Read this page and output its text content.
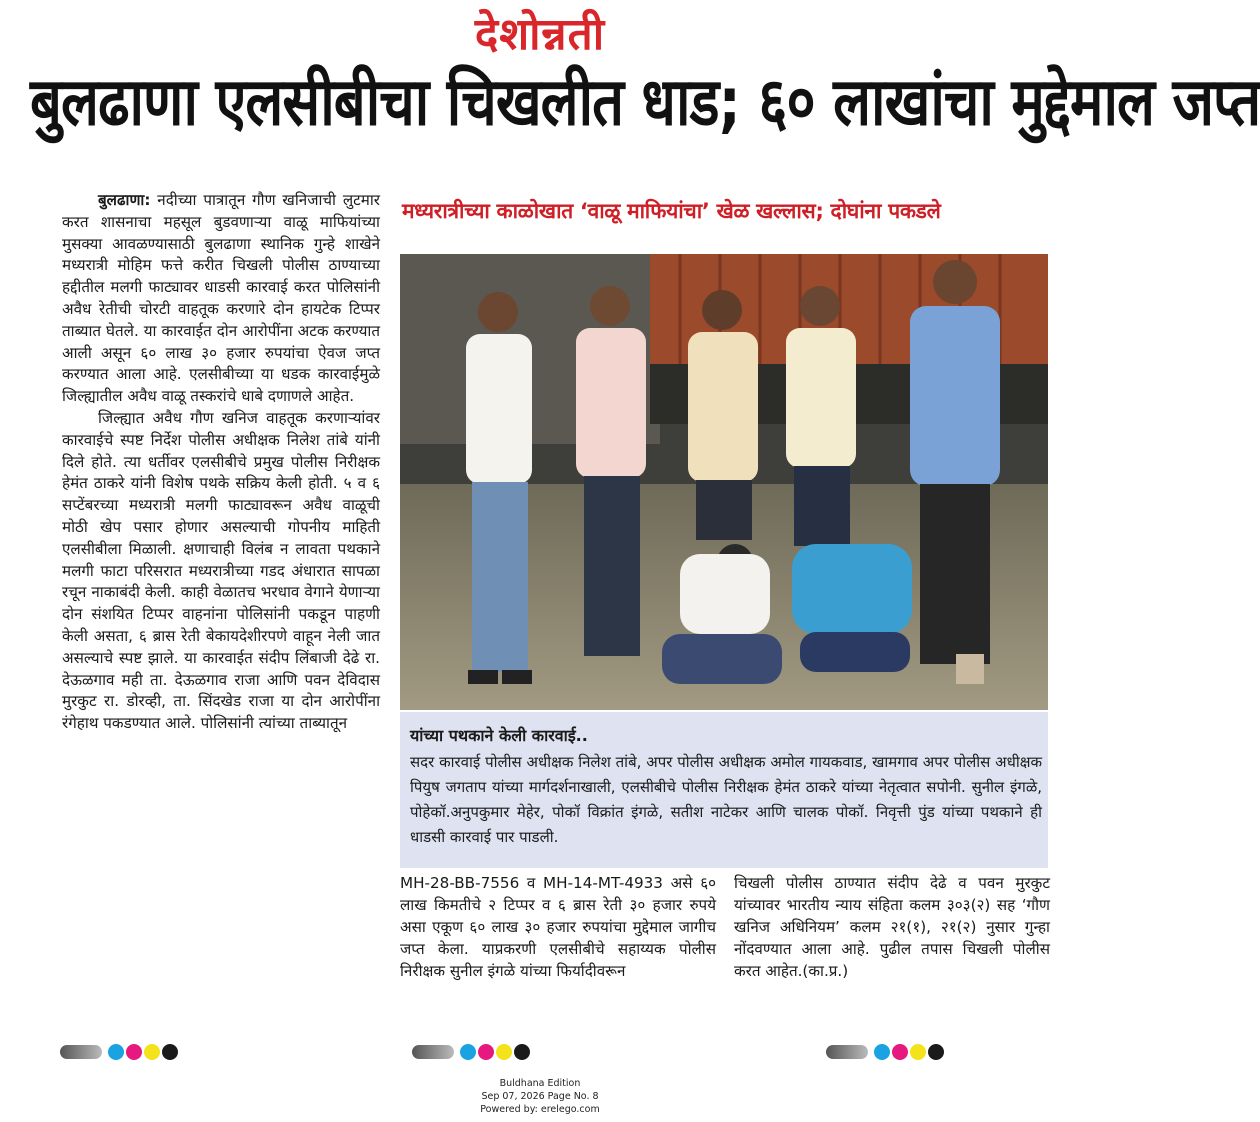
देशोन्नती
बुलढाणा एलसीबीचा चिखलीत धाड; ६० लाखांचा मुद्देमाल जप्त

बुलढाणा: नदीच्या पात्रातून गौण खनिजाची लुटमार करत शासनाचा महसूल बुडवणाऱ्या वाळू माफियांच्या मुसक्या आवळण्यासाठी बुलढाणा स्थानिक गुन्हे शाखेने मध्यरात्री मोहिम फत्ते करीत चिखली पोलीस ठाण्याच्या हद्दीतील मलगी फाट्यावर धाडसी कारवाई करत पोलिसांनी अवैध रेतीची चोरटी वाहतूक करणारे दोन हायटेक टिप्पर ताब्यात घेतले. या कारवाईत दोन आरोपींना अटक करण्यात आली असून ६० लाख ३० हजार रुपयांचा ऐवज जप्त करण्यात आला आहे. एलसीबीच्या या धडक कारवाईमुळे जिल्ह्यातील अवैध वाळू तस्करांचे धाबे दणाणले आहेत.

जिल्ह्यात अवैध गौण खनिज वाहतूक करणाऱ्यांवर कारवाईचे स्पष्ट निर्देश पोलीस अधीक्षक निलेश तांबे यांनी दिले होते. त्या धर्तीवर एलसीबीचे प्रमुख पोलीस निरीक्षक हेमंत ठाकरे यांनी विशेष पथके सक्रिय केली होती. ५ व ६ सप्टेंबरच्या मध्यरात्री मलगी फाट्यावरून अवैध वाळूची मोठी खेप पसार होणार असल्याची गोपनीय माहिती एलसीबीला मिळाली. क्षणाचाही विलंब न लावता पथकाने मलगी फाटा परिसरात मध्यरात्रीच्या गडद अंधारात सापळा रचून नाकाबंदी केली. काही वेळातच भरधाव वेगाने येणाऱ्या दोन संशयित टिप्पर वाहनांना पोलिसांनी पकडून पाहणी केली असता, ६ ब्रास रेती बेकायदेशीरपणे वाहून नेली जात असल्याचे स्पष्ट झाले. या कारवाईत संदीप लिंबाजी देढे रा. देऊळगाव मही ता. देऊळगाव राजा आणि पवन देविदास मुरकुट रा. डोरव्ही, ता. सिंदखेड राजा या दोन आरोपींना रंगेहाथ पकडण्यात आले. पोलिसांनी त्यांच्या ताब्यातून

मध्यरात्रीच्या काळोखात ‘वाळू माफियांचा’ खेळ खल्लास; दोघांना पकडले
यांच्या पथकाने केली कारवाई..
सदर कारवाई पोलीस अधीक्षक निलेश तांबे, अपर पोलीस अधीक्षक अमोल गायकवाड, खामगाव अपर पोलीस अधीक्षक पियुष जगताप यांच्या मार्गदर्शनाखाली, एलसीबीचे पोलीस निरीक्षक हेमंत ठाकरे यांच्या नेतृत्वात सपोनी. सुनील इंगळे, पोहेकॉ.अनुपकुमार मेहेर, पोकॉ विक्रांत इंगळे, सतीश नाटेकर आणि चालक पोकॉ. निवृत्ती पुंड यांच्या पथकाने ही धाडसी कारवाई पार पाडली.
MH-28-BB-7556 व MH-14-MT-4933 असे ६० लाख किमतीचे २ टिप्पर व ६ ब्रास रेती ३० हजार रुपये असा एकूण ६० लाख ३० हजार रुपयांचा मुद्देमाल जागीच जप्त केला. याप्रकरणी एलसीबीचे सहाय्यक पोलीस निरीक्षक सुनील इंगळे यांच्या फिर्यादीवरून
चिखली पोलीस ठाण्यात संदीप देढे व पवन मुरकुट यांच्यावर भारतीय न्याय संहिता कलम ३०३(२) सह ‘गौण खनिज अधिनियम’ कलम २१(१), २१(२) नुसार गुन्हा नोंदवण्यात आला आहे. पुढील तपास चिखली पोलीस करत आहेत.(का.प्र.)
Buldhana Edition
Sep 07, 2026 Page No. 8
Powered by: erelego.com
